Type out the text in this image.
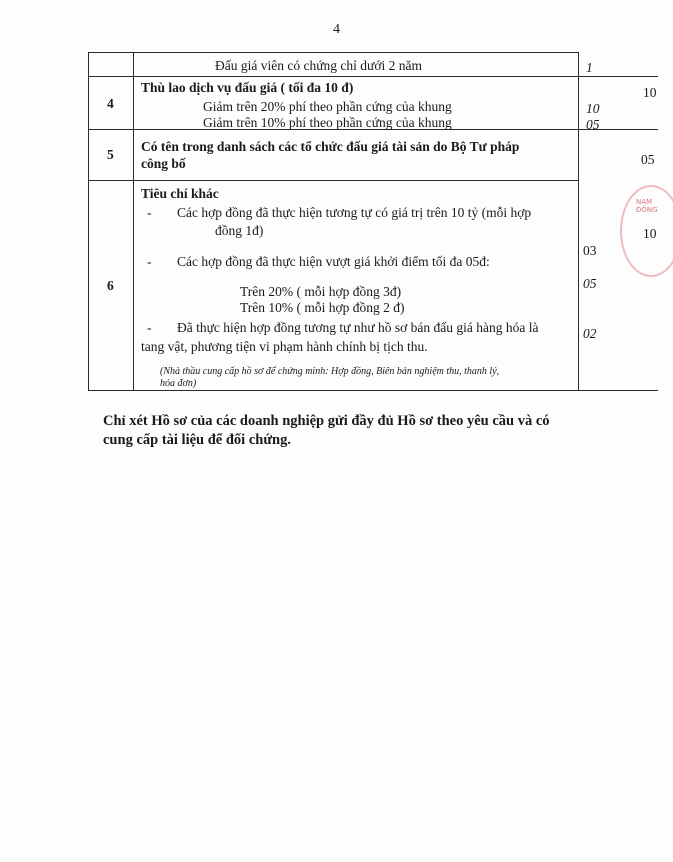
4
Đấu giá viên có chứng chỉ dưới 2 năm	1
4
Thù lao dịch vụ đấu giá ( tối đa 10 đ)
Giảm trên 20% phí theo phần cứng của khung
Giảm trên 10% phí theo phần cứng của khung
10
05
10
5
Có tên trong danh sách các tổ chức đấu giá tài sản do Bộ Tư pháp
công bố	05
6
Tiêu chí khác
- Các hợp đồng đã thực hiện tương tự có giá trị trên 10 tỷ (mỗi hợp
đồng 1đ)
- Các hợp đồng đã thực hiện vượt giá khởi điểm tối đa 05đ:
Trên 20% ( mỗi hợp đồng 3đ)
Trên 10% ( mỗi hợp đồng 2 đ)
- Đã thực hiện hợp đồng tương tự như hồ sơ bán đấu giá hàng hóa là
tang vật, phương tiện vi phạm hành chính bị tịch thu.
(Nhà thầu cung cấp hồ sơ để chứng minh: Hợp đồng, Biên bản nghiệm thu, thanh lý,
hóa đơn)
03
05
02
10
NAM
ĐÔNG
Chỉ xét Hồ sơ của các doanh nghiệp gửi đầy đủ Hồ sơ theo yêu cầu và có
cung cấp tài liệu để đối chứng.
